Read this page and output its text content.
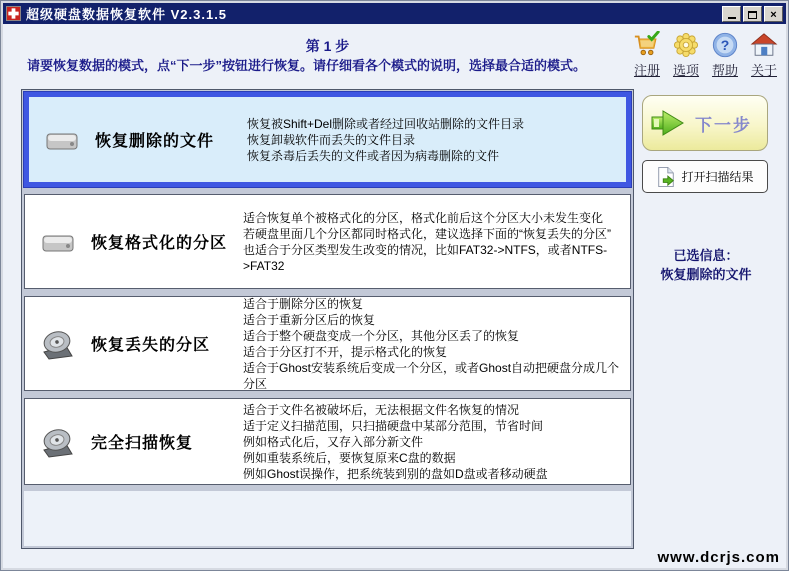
超级硬盘数据恢复软件 V2.3.1.5	×
第 1 步
请要恢复数据的模式，点“下一步”按钮进行恢复。请仔细看各个模式的说明，选择最合适的模式。	注册 选项
?
帮助 关于
恢复删除的文件
恢复被Shift+Del删除或者经过回收站删除的文件目录
恢复卸载软件而丢失的文件目录
恢复杀毒后丢失的文件或者因为病毒删除的文件
恢复格式化的分区
适合恢复单个被格式化的分区，格式化前后这个分区大小未发生变化
若硬盘里面几个分区都同时格式化，建议选择下面的“恢复丢失的分区”
也适合于分区类型发生改变的情况，比如FAT32->NTFS，或者NTFS->FAT32
恢复丢失的分区
适合于删除分区的恢复
适合于重新分区后的恢复
适合于整个硬盘变成一个分区，其他分区丢了的恢复
适合于分区打不开，提示格式化的恢复
适合于Ghost安装系统后变成一个分区，或者Ghost自动把硬盘分成几个分区
完全扫描恢复
适合于文件名被破坏后，无法根据文件名恢复的情况
适于定义扫描范围，只扫描硬盘中某部分范围，节省时间
例如格式化后，又存入部分新文件
例如重装系统后，要恢复原来C盘的数据
例如Ghost误操作，把系统装到别的盘如D盘或者移动硬盘
下一步
打开扫描结果
已选信息：
恢复删除的文件
www.dcrjs.com
